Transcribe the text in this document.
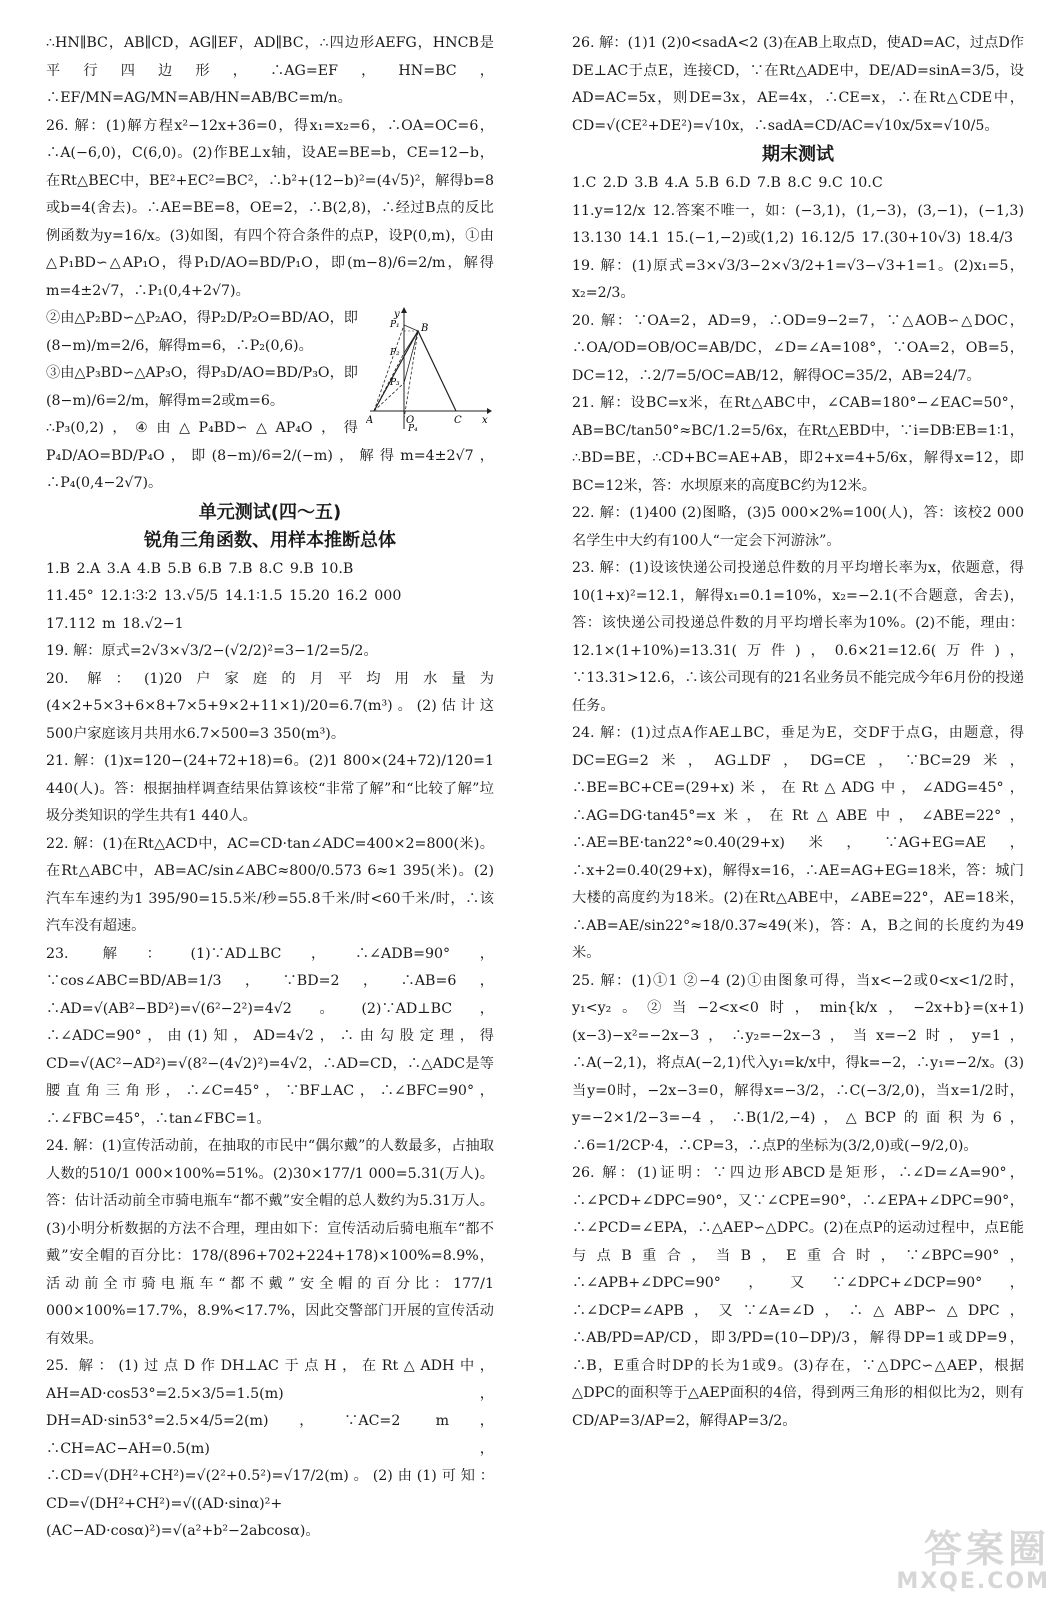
∴HN∥BC，AB∥CD，AG∥EF，AD∥BC，∴四边形AEFG，HNCB是平行四边形，∴AG=EF，HN=BC，∴EF/MN=AG/MN=AB/HN=AB/BC=m/n。

26. 解：(1)解方程x²−12x+36=0，得x₁=x₂=6，∴OA=OC=6，∴A(−6,0)，C(6,0)。(2)作BE⊥x轴，设AE=BE=b，CE=12−b，在Rt△BEC中，BE²+EC²=BC²，∴b²+(12−b)²=(4√5)²，解得b=8或b=4(舍去)。∴AE=BE=8，OE=2，∴B(2,8)，∴经过B点的反比例函数为y=16/x。(3)如图，有四个符合条件的点P，设P(0,m)，①由△P₁BD∽△AP₁O，得P₁D/AO=BD/P₁O，即(m−8)/6=2/m，解得m=4±2√7，∴P₁(0,4+2√7)。

y
x
A
B
O	C
P₁
P₂
P₃
P₄

②由△P₂BD∽△P₂AO，得P₂D/P₂O=BD/AO，即(8−m)/m=2/6，解得m=6，∴P₂(0,6)。

③由△P₃BD∽△AP₃O，得P₃D/AO=BD/P₃O，即(8−m)/6=2/m，解得m=2或m=6。

∴P₃(0,2)，④由△P₄BD∽△AP₄O，得P₄D/AO=BD/P₄O，即(8−m)/6=2/(−m)，解得m=4±2√7，∴P₄(0,4−2√7)。

单元测试(四～五)
锐角三角函数、用样本推断总体

1.B 2.A 3.A 4.B 5.B 6.B 7.B 8.C 9.B 10.B

11.45° 12.1∶3∶2 13.√5/5 14.1∶1.5 15.20 16.2 000

17.112 m 18.√2−1

19. 解：原式=2√3×√3/2−(√2/2)²=3−1/2=5/2。

20. 解：(1)20户家庭的月平均用水量为(4×2+5×3+6×8+7×5+9×2+11×1)/20=6.7(m³)。(2)估计这500户家庭该月共用水6.7×500=3 350(m³)。

21. 解：(1)x=120−(24+72+18)=6。(2)1 800×(24+72)/120=1 440(人)。答：根据抽样调查结果估算该校“非常了解”和“比较了解”垃圾分类知识的学生共有1 440人。

22. 解：(1)在Rt△ACD中，AC=CD·tan∠ADC=400×2=800(米)。在Rt△ABC中，AB=AC/sin∠ABC≈800/0.573 6≈1 395(米)。(2)汽车车速约为1 395/90=15.5米/秒=55.8千米/时<60千米/时，∴该汽车没有超速。

23. 解：(1)∵AD⊥BC，∴∠ADB=90°，∵cos∠ABC=BD/AB=1/3，∵BD=2，∴AB=6，∴AD=√(AB²−BD²)=√(6²−2²)=4√2。(2)∵AD⊥BC，∴∠ADC=90°，由(1)知，AD=4√2，∴由勾股定理，得CD=√(AC²−AD²)=√(8²−(4√2)²)=4√2，∴AD=CD，∴△ADC是等腰直角三角形，∴∠C=45°，∵BF⊥AC，∴∠BFC=90°，∴∠FBC=45°，∴tan∠FBC=1。

24. 解：(1)宣传活动前，在抽取的市民中“偶尔戴”的人数最多，占抽取人数的510/1 000×100%=51%。(2)30×177/1 000=5.31(万人)。答：估计活动前全市骑电瓶车“都不戴”安全帽的总人数约为5.31万人。(3)小明分析数据的方法不合理，理由如下：宣传活动后骑电瓶车“都不戴”安全帽的百分比：178/(896+702+224+178)×100%=8.9%，活动前全市骑电瓶车“都不戴”安全帽的百分比：177/1 000×100%=17.7%，8.9%<17.7%，因此交警部门开展的宣传活动有效果。

25. 解：(1)过点D作DH⊥AC于点H，在Rt△ADH中，AH=AD·cos53°=2.5×3/5=1.5(m)，DH=AD·sin53°=2.5×4/5=2(m)，∵AC=2 m，∴CH=AC−AH=0.5(m)，∴CD=√(DH²+CH²)=√(2²+0.5²)=√17/2(m)。(2)由(1)可知：CD=√(DH²+CH²)=√((AD·sinα)²+(AC−AD·cosα)²)=√(a²+b²−2abcosα)。

26. 解：(1)1 (2)0<sadA<2 (3)在AB上取点D，使AD=AC，过点D作DE⊥AC于点E，连接CD，∵在Rt△ADE中，DE/AD=sinA=3/5，设AD=AC=5x，则DE=3x，AE=4x，∴CE=x，∴在Rt△CDE中，CD=√(CE²+DE²)=√10x，∴sadA=CD/AC=√10x/5x=√10/5。

期末测试

1.C 2.D 3.B 4.A 5.B 6.D 7.B 8.C 9.C 10.C

11.y=12/x 12.答案不唯一，如：(−3,1)，(1,−3)，(3,−1)，(−1,3) 13.130 14.1 15.(−1,−2)或(1,2) 16.12/5 17.(30+10√3) 18.4/3

19. 解：(1)原式=3×√3/3−2×√3/2+1=√3−√3+1=1。(2)x₁=5，x₂=2/3。

20. 解：∵OA=2，AD=9，∴OD=9−2=7，∵△AOB∽△DOC，∴OA/OD=OB/OC=AB/DC，∠D=∠A=108°，∵OA=2，OB=5，DC=12，∴2/7=5/OC=AB/12，解得OC=35/2，AB=24/7。

21. 解：设BC=x米，在Rt△ABC中，∠CAB=180°−∠EAC=50°，AB=BC/tan50°≈BC/1.2=5/6x，在Rt△EBD中，∵i=DB∶EB=1∶1，∴BD=BE，∴CD+BC=AE+AB，即2+x=4+5/6x，解得x=12，即BC=12米，答：水坝原来的高度BC约为12米。

22. 解：(1)400 (2)图略，(3)5 000×2%=100(人)，答：该校2 000名学生中大约有100人“一定会下河游泳”。

23. 解：(1)设该快递公司投递总件数的月平均增长率为x，依题意，得10(1+x)²=12.1，解得x₁=0.1=10%，x₂=−2.1(不合题意，舍去)，答：该快递公司投递总件数的月平均增长率为10%。(2)不能，理由：12.1×(1+10%)=13.31(万件)，0.6×21=12.6(万件)，∵13.31>12.6，∴该公司现有的21名业务员不能完成今年6月份的投递任务。

24. 解：(1)过点A作AE⊥BC，垂足为E，交DF于点G，由题意，得DC=EG=2米，AG⊥DF，DG=CE，∵BC=29米，∴BE=BC+CE=(29+x)米，在Rt△ADG中，∠ADG=45°，∴AG=DG·tan45°=x米，在Rt△ABE中，∠ABE=22°，∴AE=BE·tan22°≈0.40(29+x)米，∵AG+EG=AE，∴x+2=0.40(29+x)，解得x=16，∴AE=AG+EG=18米，答：城门大楼的高度约为18米。(2)在Rt△ABE中，∠ABE=22°，AE=18米，∴AB=AE/sin22°≈18/0.37≈49(米)，答：A，B之间的长度约为49米。

25. 解：(1)①1 ②−4 (2)①由图象可得，当x<−2或0<x<1/2时，y₁<y₂。②当−2<x<0时，min{k/x，−2x+b}=(x+1)(x−3)−x²=−2x−3，∴y₂=−2x−3，当x=−2时，y=1，∴A(−2,1)，将点A(−2,1)代入y₁=k/x中，得k=−2，∴y₁=−2/x。(3)当y=0时，−2x−3=0，解得x=−3/2，∴C(−3/2,0)，当x=1/2时，y=−2×1/2−3=−4，∴B(1/2,−4)，△BCP的面积为6，∴6=1/2CP·4，∴CP=3，∴点P的坐标为(3/2,0)或(−9/2,0)。

26. 解：(1)证明：∵四边形ABCD是矩形，∴∠D=∠A=90°，∴∠PCD+∠DPC=90°，又∵∠CPE=90°，∴∠EPA+∠DPC=90°，∴∠PCD=∠EPA，∴△AEP∽△DPC。(2)在点P的运动过程中，点E能与点B重合，当B，E重合时，∵∠BPC=90°，∴∠APB+∠DPC=90°，又∵∠DPC+∠DCP=90°，∴∠DCP=∠APB，又∵∠A=∠D，∴△ABP∽△DPC，∴AB/PD=AP/CD，即3/PD=(10−DP)/3，解得DP=1或DP=9，∴B，E重合时DP的长为1或9。(3)存在，∵△DPC∽△AEP，根据△DPC的面积等于△AEP面积的4倍，得到两三角形的相似比为2，则有CD/AP=3/AP=2，解得AP=3/2。

答案圈
MXQE.COM
